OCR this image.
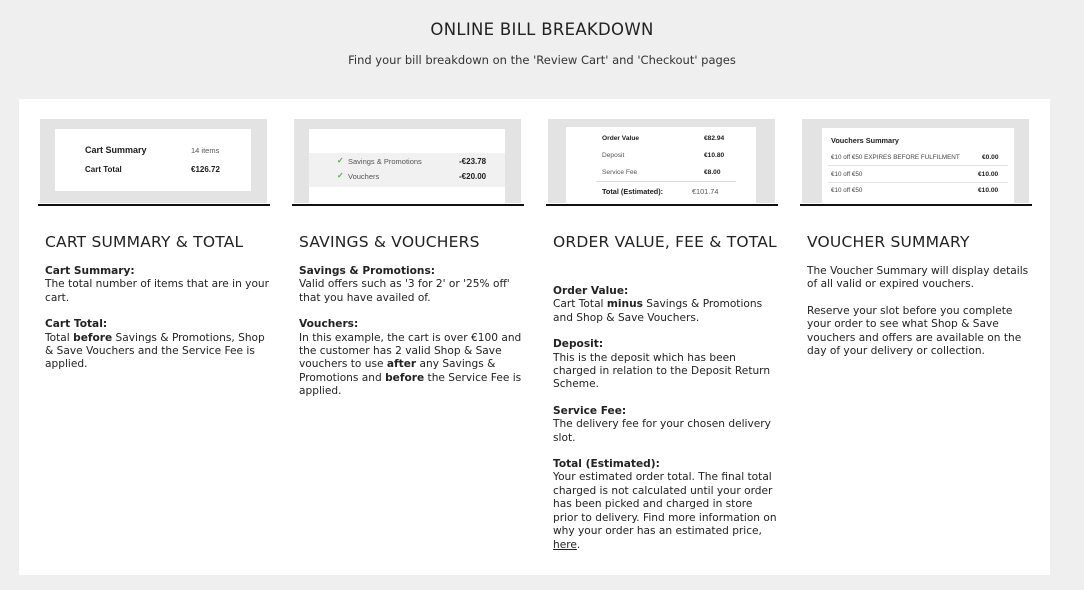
ONLINE BILL BREAKDOWN
Find your bill breakdown on the 'Review Cart' and 'Checkout' pages
Cart Summary	14 items
Cart Total	€126.72
CART SUMMARY & TOTAL

Cart Summary:

The total number of items that are in your cart.

Cart Total:

Total before Savings & Promotions, Shop & Save Vouchers and the Service Fee is applied.

✓ Savings & Promotions	-€23.78
✓ Vouchers	-€20.00
SAVINGS & VOUCHERS

Savings & Promotions:

Valid offers such as '3 for 2' or '25% off' that you have availed of.

Vouchers:

In this example, the cart is over €100 and the customer has 2 valid Shop & Save vouchers to use after any Savings & Promotions and before the Service Fee is applied.

Order Value	€82.94
Deposit	€10.80
Service Fee	€8.00
Total (Estimated):	€101.74
ORDER VALUE, FEE & TOTAL

Order Value:

Cart Total minus Savings & Promotions and Shop & Save Vouchers.

Deposit:

This is the deposit which has been charged in relation to the Deposit Return Scheme.

Service Fee:

The delivery fee for your chosen delivery slot.

Total (Estimated):

Your estimated order total. The final total charged is not calculated until your order has been picked and charged in store prior to delivery. Find more information on why your order has an estimated price, here.

Vouchers Summary
€10 off €50 EXPIRES BEFORE FULFILMENT	€0.00
€10 off €50	€10.00
€10 off €50	€10.00
VOUCHER SUMMARY

The Voucher Summary will display details of all valid or expired vouchers.

Reserve your slot before you complete your order to see what Shop & Save vouchers and offers are available on the day of your delivery or collection.
